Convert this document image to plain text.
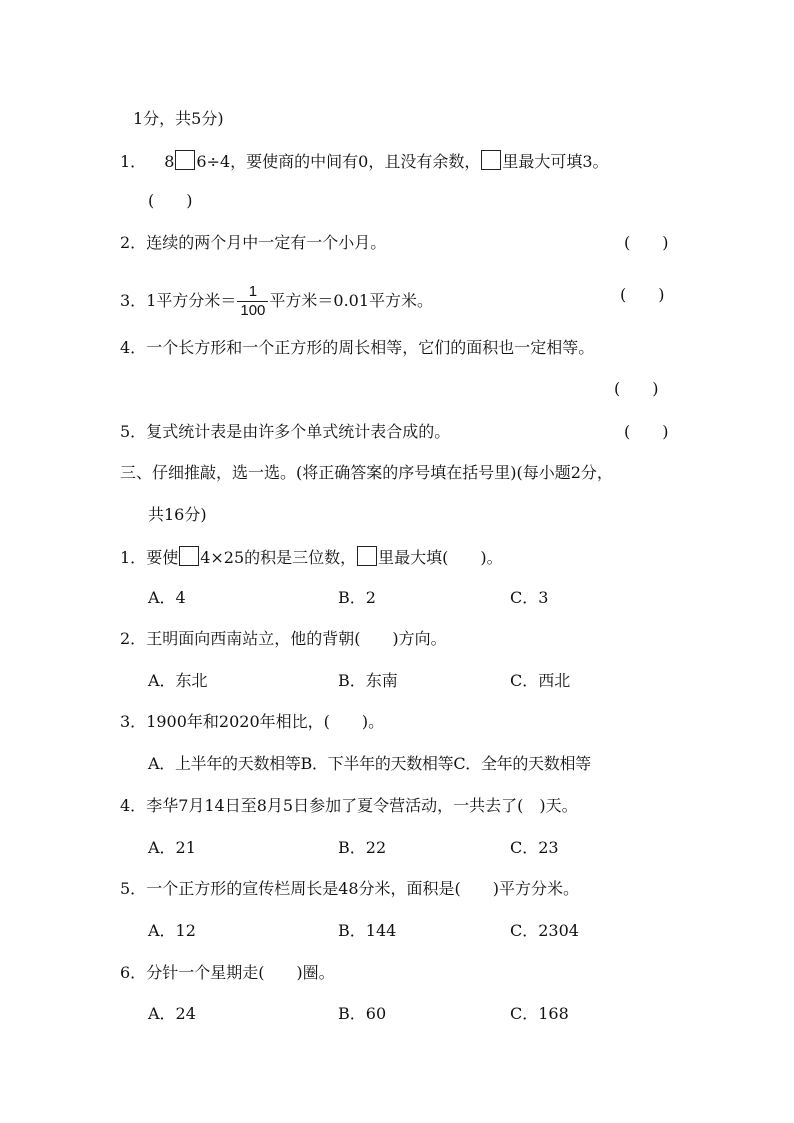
1分，共5分)
1． 8 6÷4，要使商的中间有0，且没有余数， 里最大可填3。
(　　)
2．连续的两个月中一定有一个小月。	(　　)
3．1平方分米＝ $\frac{1}{100}$ 平方米＝0.01平方米。	(　　)
4．一个长方形和一个正方形的周长相等，它们的面积也一定相等。
(　　)
5．复式统计表是由许多个单式统计表合成的。	(　　)
三、仔细推敲，选一选。(将正确答案的序号填在括号里)(每小题2分，
共16分)
1．要使 4×25的积是三位数， 里最大填(　　)。
A．4	B．2	C．3
2．王明面向西南站立，他的背朝(　　)方向。
A．东北	B．东南	C．西北
3．1900年和2020年相比，(　　)。
A．上半年的天数相等B．下半年的天数相等C．全年的天数相等
4．李华7月14日至8月5日参加了夏令营活动，一共去了(　)天。
A．21	B．22	C．23
5．一个正方形的宣传栏周长是48分米，面积是(　　)平方分米。
A．12	B．144	C．2304
6．分针一个星期走(　　)圈。
A．24	B．60	C．168
